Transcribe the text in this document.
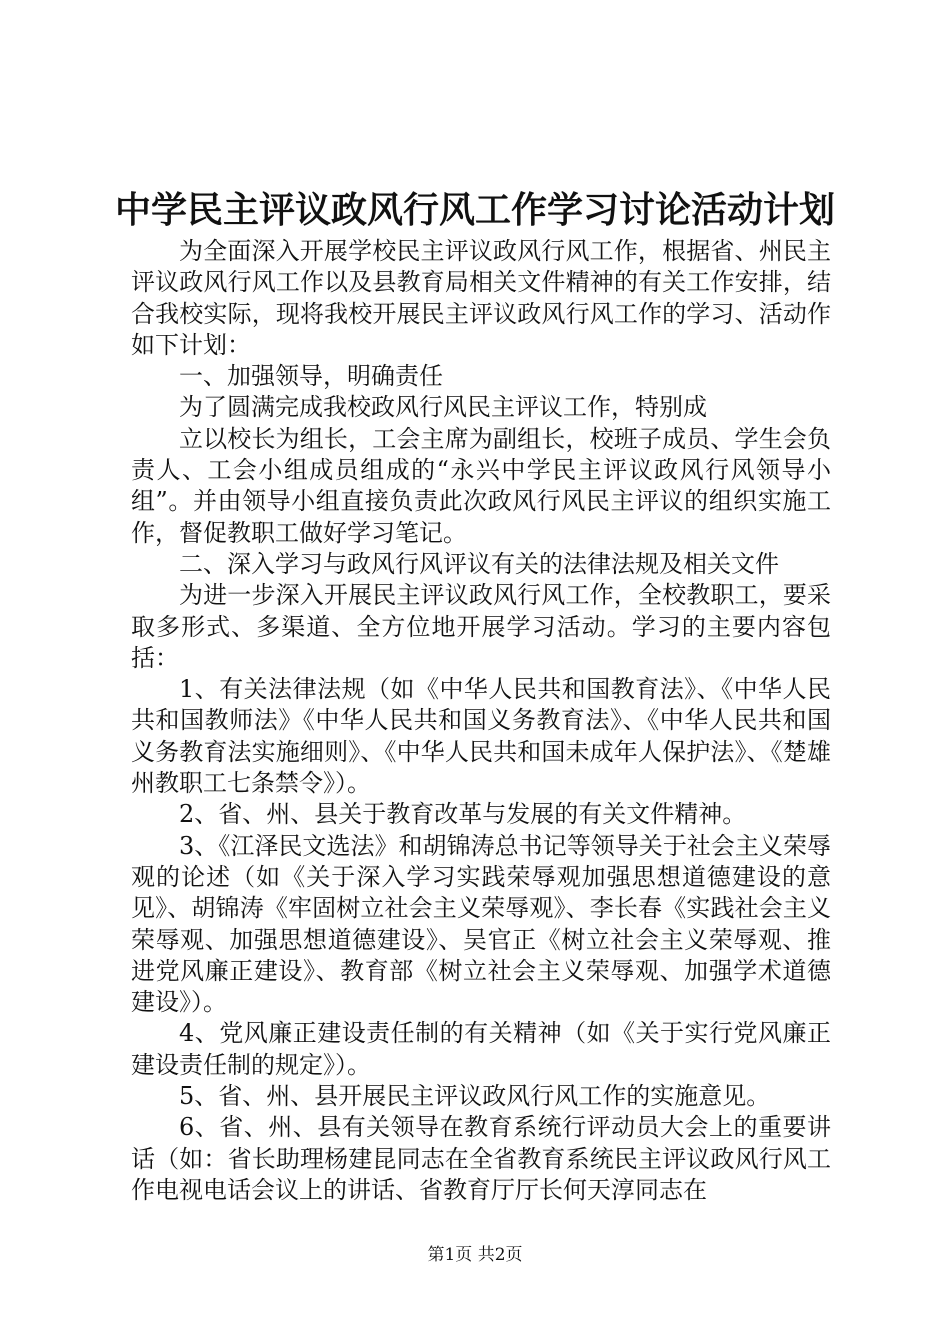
中学民主评议政风行风工作学习讨论活动计划

为全面深入开展学校民主评议政风行风工作，根据省、州民主评议政风行风工作以及县教育局相关文件精神的有关工作安排，结合我校实际，现将我校开展民主评议政风行风工作的学习、活动作如下计划：

一、加强领导，明确责任

为了圆满完成我校政风行风民主评议工作，特别成

立以校长为组长，工会主席为副组长，校班子成员、学生会负责人、工会小组成员组成的“永兴中学民主评议政风行风领导小组”。并由领导小组直接负责此次政风行风民主评议的组织实施工作，督促教职工做好学习笔记。

二、深入学习与政风行风评议有关的法律法规及相关文件

为进一步深入开展民主评议政风行风工作，全校教职工，要采取多形式、多渠道、全方位地开展学习活动。学习的主要内容包括：

1、有关法律法规（如《中华人民共和国教育法》、《中华人民共和国教师法》《中华人民共和国义务教育法》、《中华人民共和国义务教育法实施细则》、《中华人民共和国未成年人保护法》、《楚雄州教职工七条禁令》）。

2、省、州、县关于教育改革与发展的有关文件精神。

3、《江泽民文选法》和胡锦涛总书记等领导关于社会主义荣辱观的论述（如《关于深入学习实践荣辱观加强思想道德建设的意见》、胡锦涛《牢固树立社会主义荣辱观》、李长春《实践社会主义荣辱观、加强思想道德建设》、吴官正《树立社会主义荣辱观、推进党风廉正建设》、教育部《树立社会主义荣辱观、加强学术道德建设》）。

4、党风廉正建设责任制的有关精神（如《关于实行党风廉正建设责任制的规定》）。

5、省、州、县开展民主评议政风行风工作的实施意见。

6、省、州、县有关领导在教育系统行评动员大会上的重要讲话（如：省长助理杨建昆同志在全省教育系统民主评议政风行风工作电视电话会议上的讲话、省教育厅厅长何天淳同志在

第1页 共2页
